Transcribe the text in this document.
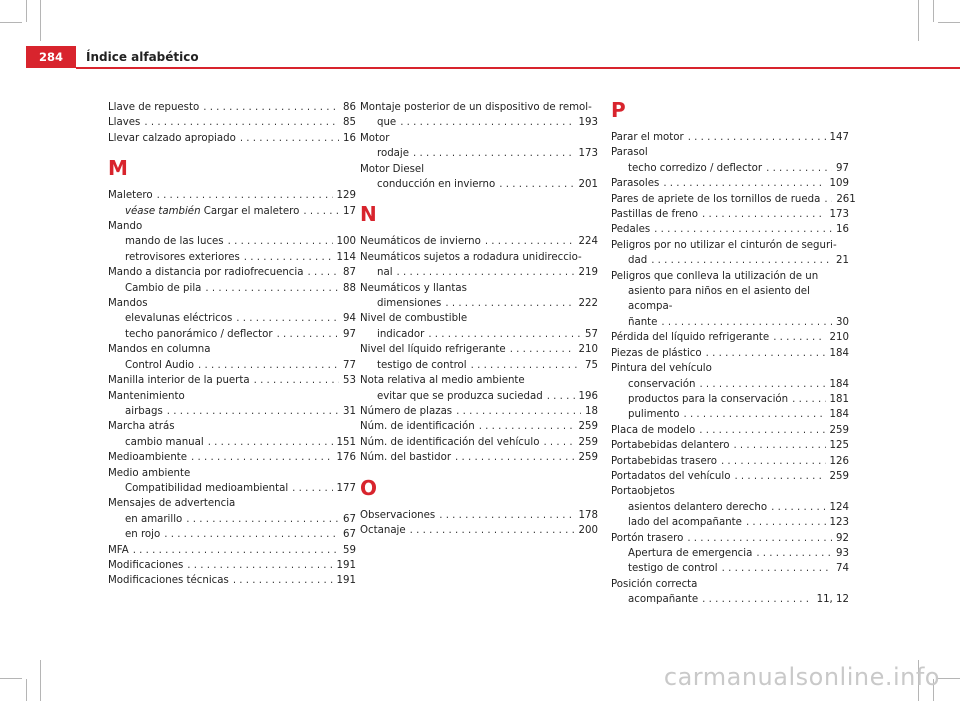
284	Índice alfabético
Llave de repuesto . . .	86
Llaves . . .	85
Llevar calzado apropiado . . .	16
M
Maletero . . .	129
véase también Cargar el maletero . . .	17
Mando
mando de las luces . . .	100
retrovisores exteriores . . .	114
Mando a distancia por radiofrecuencia . . .	87
Cambio de pila . . .	88
Mandos
elevalunas eléctricos . . .	94
techo panorámico / deflector . . .	97
Mandos en columna
Control Audio . . .	77
Manilla interior de la puerta . . .	53
Mantenimiento
airbags . . .	31
Marcha atrás
cambio manual . . .	151
Medioambiente . . .	176
Medio ambiente
Compatibilidad medioambiental . . .	177
Mensajes de advertencia
en amarillo . . .	67
en rojo . . .	67
MFA . . .	59
Modificaciones . . .	191
Modificaciones técnicas . . .	191
Montaje posterior de un dispositivo de remol-
que . . .	193
Motor
rodaje . . .	173
Motor Diesel
conducción en invierno . . .	201
N
Neumáticos de invierno . . .	224
Neumáticos sujetos a rodadura unidireccio-
nal . . .	219
Neumáticos y llantas
dimensiones . . .	222
Nivel de combustible
indicador . . .	57
Nivel del líquido refrigerante . . .	210
testigo de control . . .	75
Nota relativa al medio ambiente
evitar que se produzca suciedad . . .	196
Número de plazas . . .	18
Núm. de identificación . . .	259
Núm. de identificación del vehículo . . .	259
Núm. del bastidor . . .	259
O
Observaciones . . .	178
Octanaje . . .	200
P
Parar el motor . . .	147
Parasol
techo corredizo / deflector . . .	97
Parasoles . . .	109
Pares de apriete de los tornillos de rueda . . . 261
Pastillas de freno . . .	173
Pedales . . .	16
Peligros por no utilizar el cinturón de seguri-
dad . . .	21
Peligros que conlleva la utilización de un
asiento para niños en el asiento del acompa-
ñante . . .	30
Pérdida del líquido refrigerante . . .	210
Piezas de plástico . . .	184
Pintura del vehículo
conservación . . .	184
productos para la conservación . . .	181
pulimento . . .	184
Placa de modelo . . .	259
Portabebidas delantero . . .	125
Portabebidas trasero . . .	126
Portadatos del vehículo . . .	259
Portaobjetos
asientos delantero derecho . . .	124
lado del acompañante . . .	123
Portón trasero . . .	92
Apertura de emergencia . . .	93
testigo de control . . .	74
Posición correcta
acompañante . . .	11, 12
carmanualsonline.info
